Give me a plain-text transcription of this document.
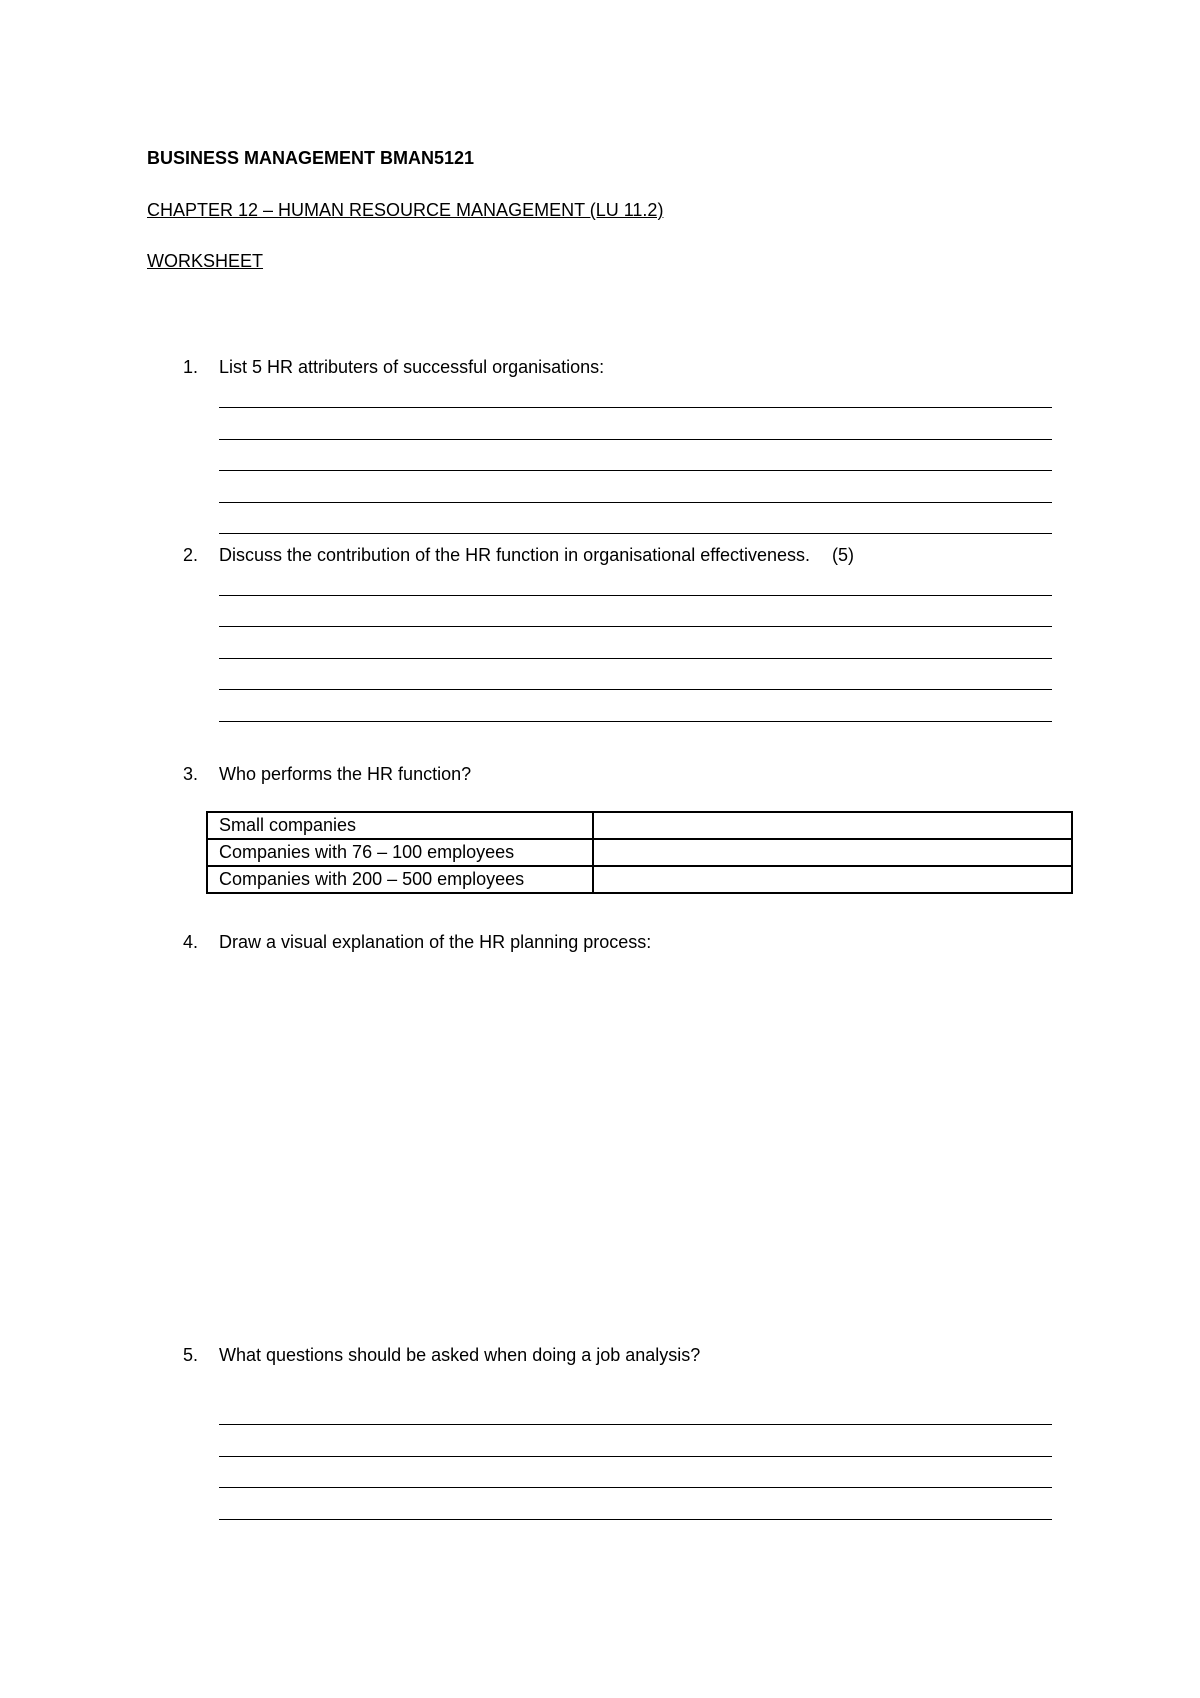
BUSINESS MANAGEMENT BMAN5121
CHAPTER 12 – HUMAN RESOURCE MANAGEMENT (LU 11.2)
WORKSHEET
1. List 5 HR attributers of successful organisations:
2. Discuss the contribution of the HR function in organisational effectiveness. (5)
3. Who performs the HR function?
Small companies	
Companies with 76 – 100 employees	
Companies with 200 – 500 employees	
4. Draw a visual explanation of the HR planning process:
5. What questions should be asked when doing a job analysis?
